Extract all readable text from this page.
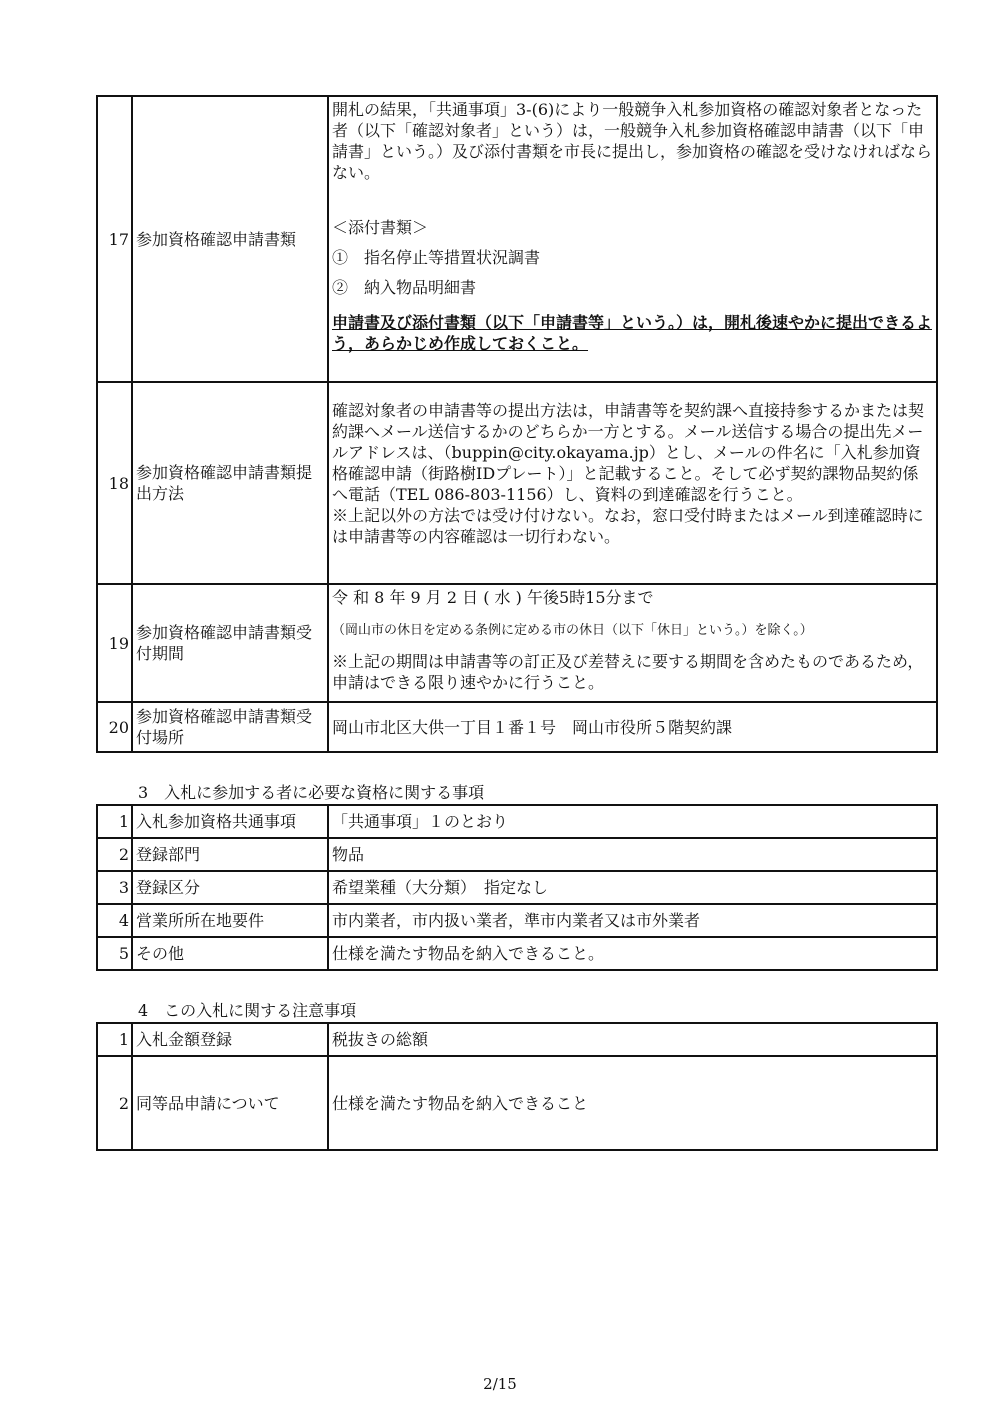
17	参加資格確認申請書類	開札の結果，「共通事項」3-(6)により一般競争入札参加資格の確認対象者となった者（以下「確認対象者」という）は，一般競争入札参加資格確認申請書（以下「申請書」という。）及び添付書類を市長に提出し，参加資格の確認を受けなければならない。
＜添付書類＞
①　指名停止等措置状況調書
②　納入物品明細書
申請書及び添付書類（以下「申請書等」という。）は，開札後速やかに提出できるよう，あらかじめ作成しておくこと。

18	参加資格確認申請書類提出方法	確認対象者の申請書等の提出方法は，申請書等を契約課へ直接持参するかまたは契約課へメール送信するかのどちらか一方とする。メール送信する場合の提出先メールアドレスは、（buppin@city.okayama.jp）とし、メールの件名に「入札参加資格確認申請（街路樹IDプレート）」と記載すること。そして必ず契約課物品契約係へ電話（TEL 086-803-1156）し、資料の到達確認を行うこと。
※上記以外の方法では受け付けない。なお，窓口受付時またはメール到達確認時には申請書等の内容確認は一切行わない。

19	参加資格確認申請書類受付期間	令 和 8 年 9 月 2 日 ( 水 ) 午後5時15分まで
（岡山市の休日を定める条例に定める市の休日（以下「休日」という。）を除く。）
※上記の期間は申請書等の訂正及び差替えに要する期間を含めたものであるため，申請はできる限り速やかに行うこと。

20	参加資格確認申請書類受付場所	岡山市北区大供一丁目１番１号　岡山市役所５階契約課
3　入札に参加する者に必要な資格に関する事項
1	入札参加資格共通事項	「共通事項」１のとおり
2	登録部門	物品
3	登録区分	希望業種（大分類）　指定なし
4	営業所所在地要件	市内業者，市内扱い業者，準市内業者又は市外業者
5	その他	仕様を満たす物品を納入できること。
4　この入札に関する注意事項
1	入札金額登録	税抜きの総額
2	同等品申請について	仕様を満たす物品を納入できること
2/15
